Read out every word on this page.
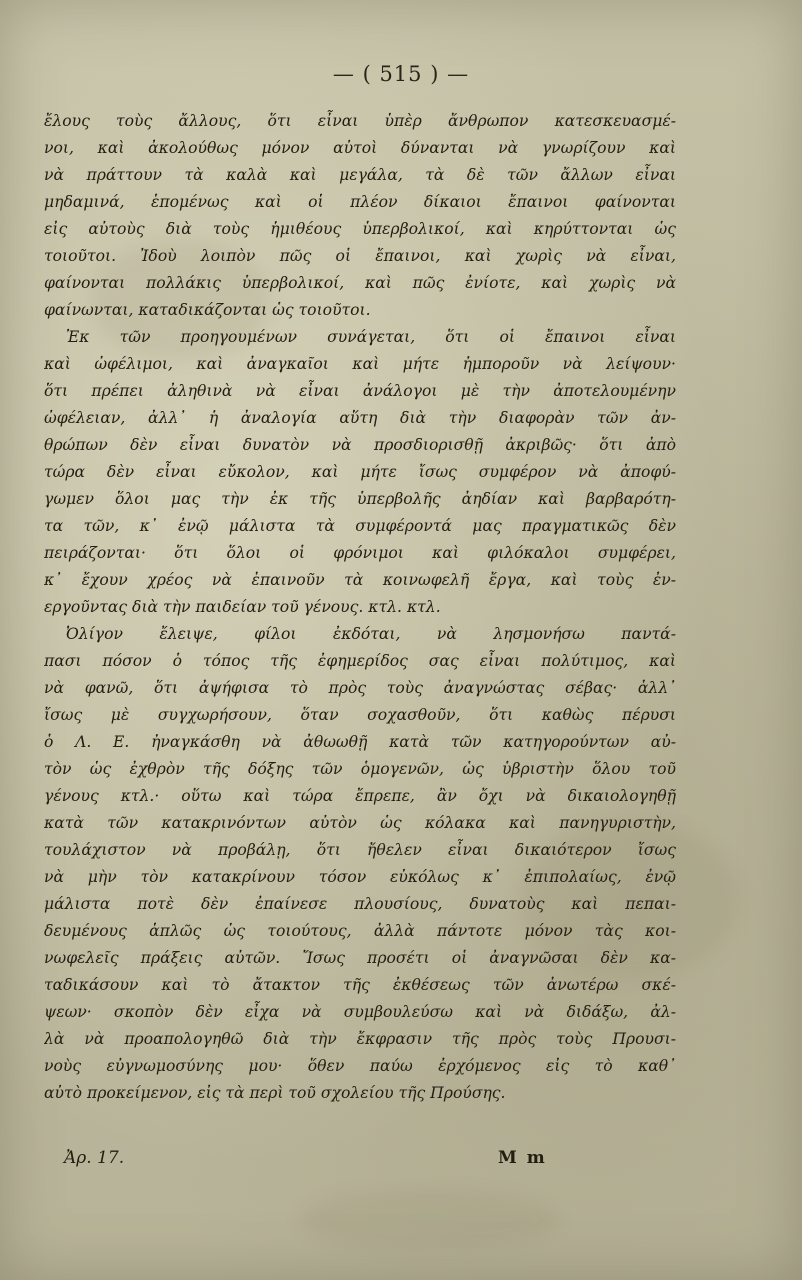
— ( 515 ) —
ἔλους τοὺς ἄλλους, ὅτι εἶναι ὑπὲρ ἄνθρωπον κατεσκευασμέ-
νοι, καὶ ἀκολούθως μόνον αὐτοὶ δύνανται νὰ γνωρίζουν καὶ
νὰ πράττουν τὰ καλὰ καὶ μεγάλα, τὰ δὲ τῶν ἄλλων εἶναι
μηδαμινά, ἑπομένως καὶ οἱ πλέον δίκαιοι ἔπαινοι φαίνονται
εἰς αὐτοὺς διὰ τοὺς ἡμιθέους ὑπερβολικοί, καὶ κηρύττονται ὡς
τοιοῦτοι. Ἰδοὺ λοιπὸν πῶς οἱ ἔπαινοι, καὶ χωρὶς νὰ εἶναι,
φαίνονται πολλάκις ὑπερβολικοί, καὶ πῶς ἐνίοτε, καὶ χωρὶς νὰ
φαίνωνται, καταδικάζονται ὡς τοιοῦτοι.
Ἐκ τῶν προηγουμένων συνάγεται, ὅτι οἱ ἔπαινοι εἶναι
καὶ ὠφέλιμοι, καὶ ἀναγκαῖοι καὶ μήτε ἠμποροῦν νὰ λείψουν·
ὅτι πρέπει ἀληθινὰ νὰ εἶναι ἀνάλογοι μὲ τὴν ἀποτελουμένην
ὠφέλειαν, ἀλλ᾽ ἡ ἀναλογία αὕτη διὰ τὴν διαφορὰν τῶν ἀν-
θρώπων δὲν εἶναι δυνατὸν νὰ προσδιορισθῇ ἀκριβῶς· ὅτι ἀπὸ
τώρα δὲν εἶναι εὔκολον, καὶ μήτε ἴσως συμφέρον νὰ ἀποφύ-
γωμεν ὅλοι μας τὴν ἐκ τῆς ὑπερβολῆς ἀηδίαν καὶ βαρβαρότη-
τα τῶν, κ᾽ ἐνῷ μάλιστα τὰ συμφέροντά μας πραγματικῶς δὲν
πειράζονται· ὅτι ὅλοι οἱ φρόνιμοι καὶ φιλόκαλοι συμφέρει,
κ᾽ ἔχουν χρέος νὰ ἐπαινοῦν τὰ κοινωφελῆ ἔργα, καὶ τοὺς ἐν-
εργοῦντας διὰ τὴν παιδείαν τοῦ γένους. κτλ. κτλ.
Ὀλίγον ἔλειψε, φίλοι ἐκδόται, νὰ λησμονήσω παντά-
πασι πόσον ὁ τόπος τῆς ἐφημερίδος σας εἶναι πολύτιμος, καὶ
νὰ φανῶ, ὅτι ἀψήφισα τὸ πρὸς τοὺς ἀναγνώστας σέβας· ἀλλ᾽
ἴσως μὲ συγχωρήσουν, ὅταν σοχασθοῦν, ὅτι καθὼς πέρυσι
ὁ Λ. Ε. ἠναγκάσθη νὰ ἀθωωθῇ κατὰ τῶν κατηγορούντων αὐ-
τὸν ὡς ἐχθρὸν τῆς δόξης τῶν ὁμογενῶν, ὡς ὑβριστὴν ὅλου τοῦ
γένους κτλ.· οὕτω καὶ τώρα ἔπρεπε, ἂν ὄχι νὰ δικαιολογηθῇ
κατὰ τῶν κατακρινόντων αὐτὸν ὡς κόλακα καὶ πανηγυριστὴν,
τουλάχιστον νὰ προβάλῃ, ὅτι ἤθελεν εἶναι δικαιότερον ἴσως
νὰ μὴν τὸν κατακρίνουν τόσον εὐκόλως κ᾽ ἐπιπολαίως, ἐνῷ
μάλιστα ποτὲ δὲν ἐπαίνεσε πλουσίους, δυνατοὺς καὶ πεπαι-
δευμένους ἁπλῶς ὡς τοιούτους, ἀλλὰ πάντοτε μόνον τὰς κοι-
νωφελεῖς πράξεις αὐτῶν. Ἴσως προσέτι οἱ ἀναγνῶσαι δὲν κα-
ταδικάσουν καὶ τὸ ἄτακτον τῆς ἐκθέσεως τῶν ἀνωτέρω σκέ-
ψεων· σκοπὸν δὲν εἶχα νὰ συμβουλεύσω καὶ νὰ διδάξω, ἀλ-
λὰ νὰ προαπολογηθῶ διὰ τὴν ἔκφρασιν τῆς πρὸς τοὺς Προυσι-
νοὺς εὐγνωμοσύνης μου· ὅθεν παύω ἐρχόμενος εἰς τὸ καθ᾽
αὐτὸ προκείμενον, εἰς τὰ περὶ τοῦ σχολείου τῆς Προύσης.
Ἀρ. 17.	M m
